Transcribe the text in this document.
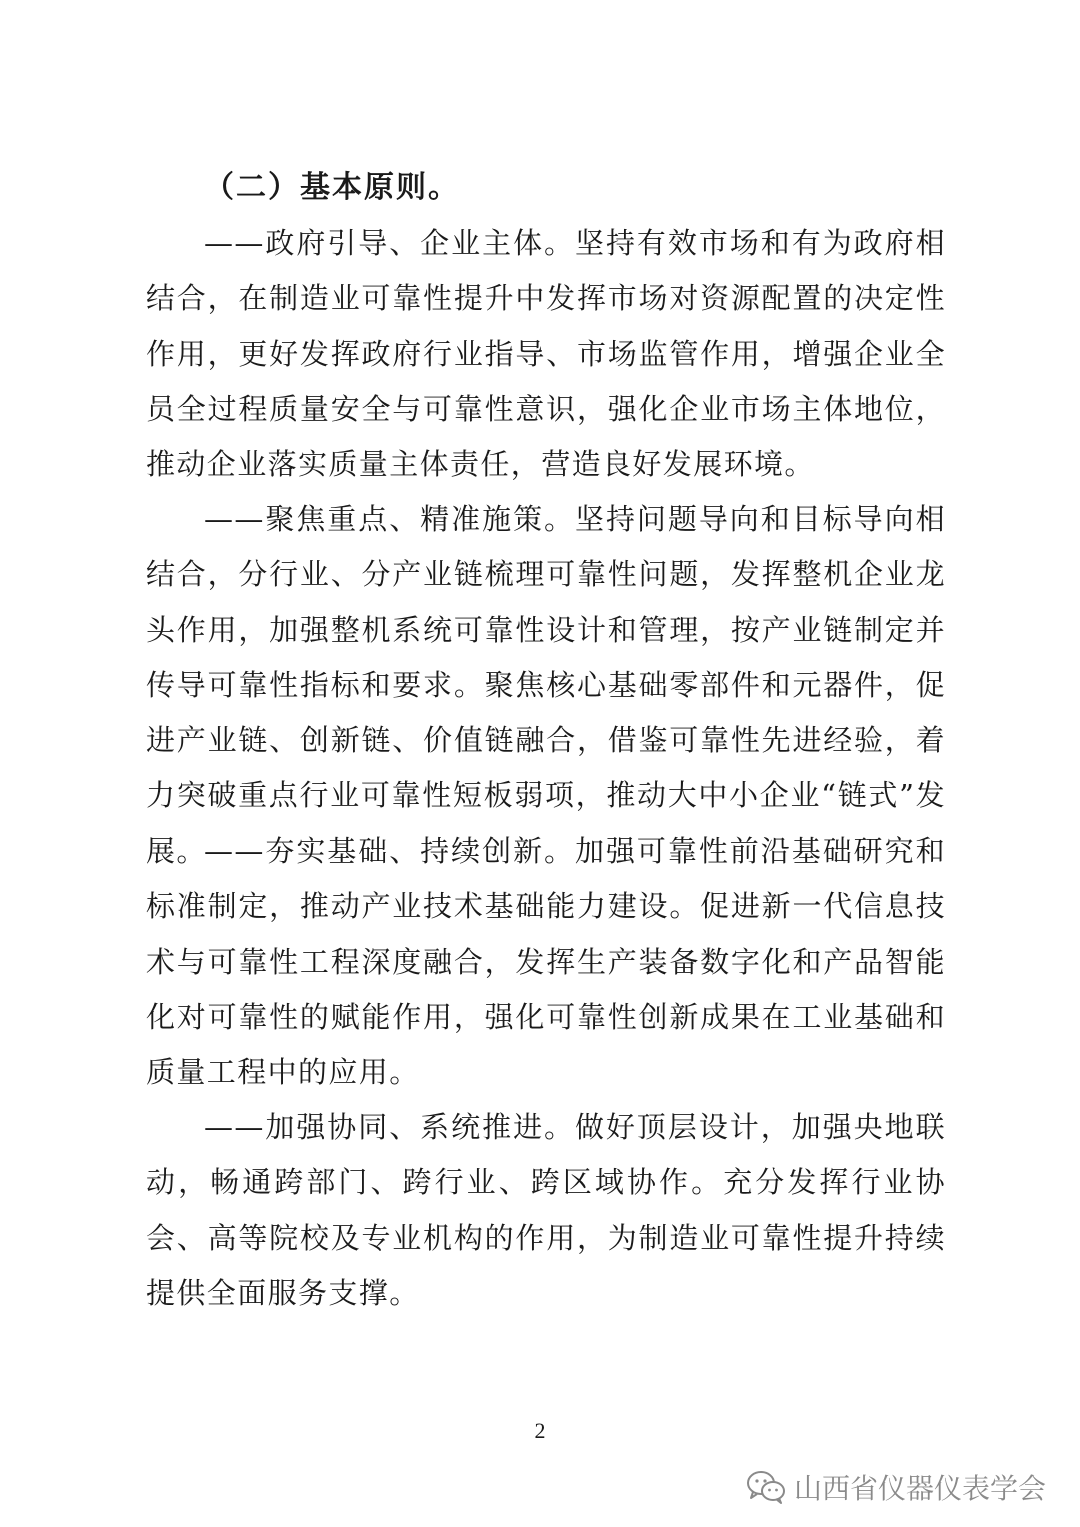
（二）基本原则。

——政府引导、企业主体。坚持有效市场和有为政府相结合，在制造业可靠性提升中发挥市场对资源配置的决定性作用，更好发挥政府行业指导、市场监管作用，增强企业全员全过程质量安全与可靠性意识，强化企业市场主体地位，推动企业落实质量主体责任，营造良好发展环境。

——聚焦重点、精准施策。坚持问题导向和目标导向相结合，分行业、分产业链梳理可靠性问题，发挥整机企业龙头作用，加强整机系统可靠性设计和管理，按产业链制定并传导可靠性指标和要求。聚焦核心基础零部件和元器件，促进产业链、创新链、价值链融合，借鉴可靠性先进经验，着力突破重点行业可靠性短板弱项，推动大中小企业“链式”发展。

——夯实基础、持续创新。加强可靠性前沿基础研究和标准制定，推动产业技术基础能力建设。促进新一代信息技术与可靠性工程深度融合，发挥生产装备数字化和产品智能化对可靠性的赋能作用，强化可靠性创新成果在工业基础和质量工程中的应用。

——加强协同、系统推进。做好顶层设计，加强央地联动，畅通跨部门、跨行业、跨区域协作。充分发挥行业协会、高等院校及专业机构的作用，为制造业可靠性提升持续提供全面服务支撑。

2
山西省仪器仪表学会
